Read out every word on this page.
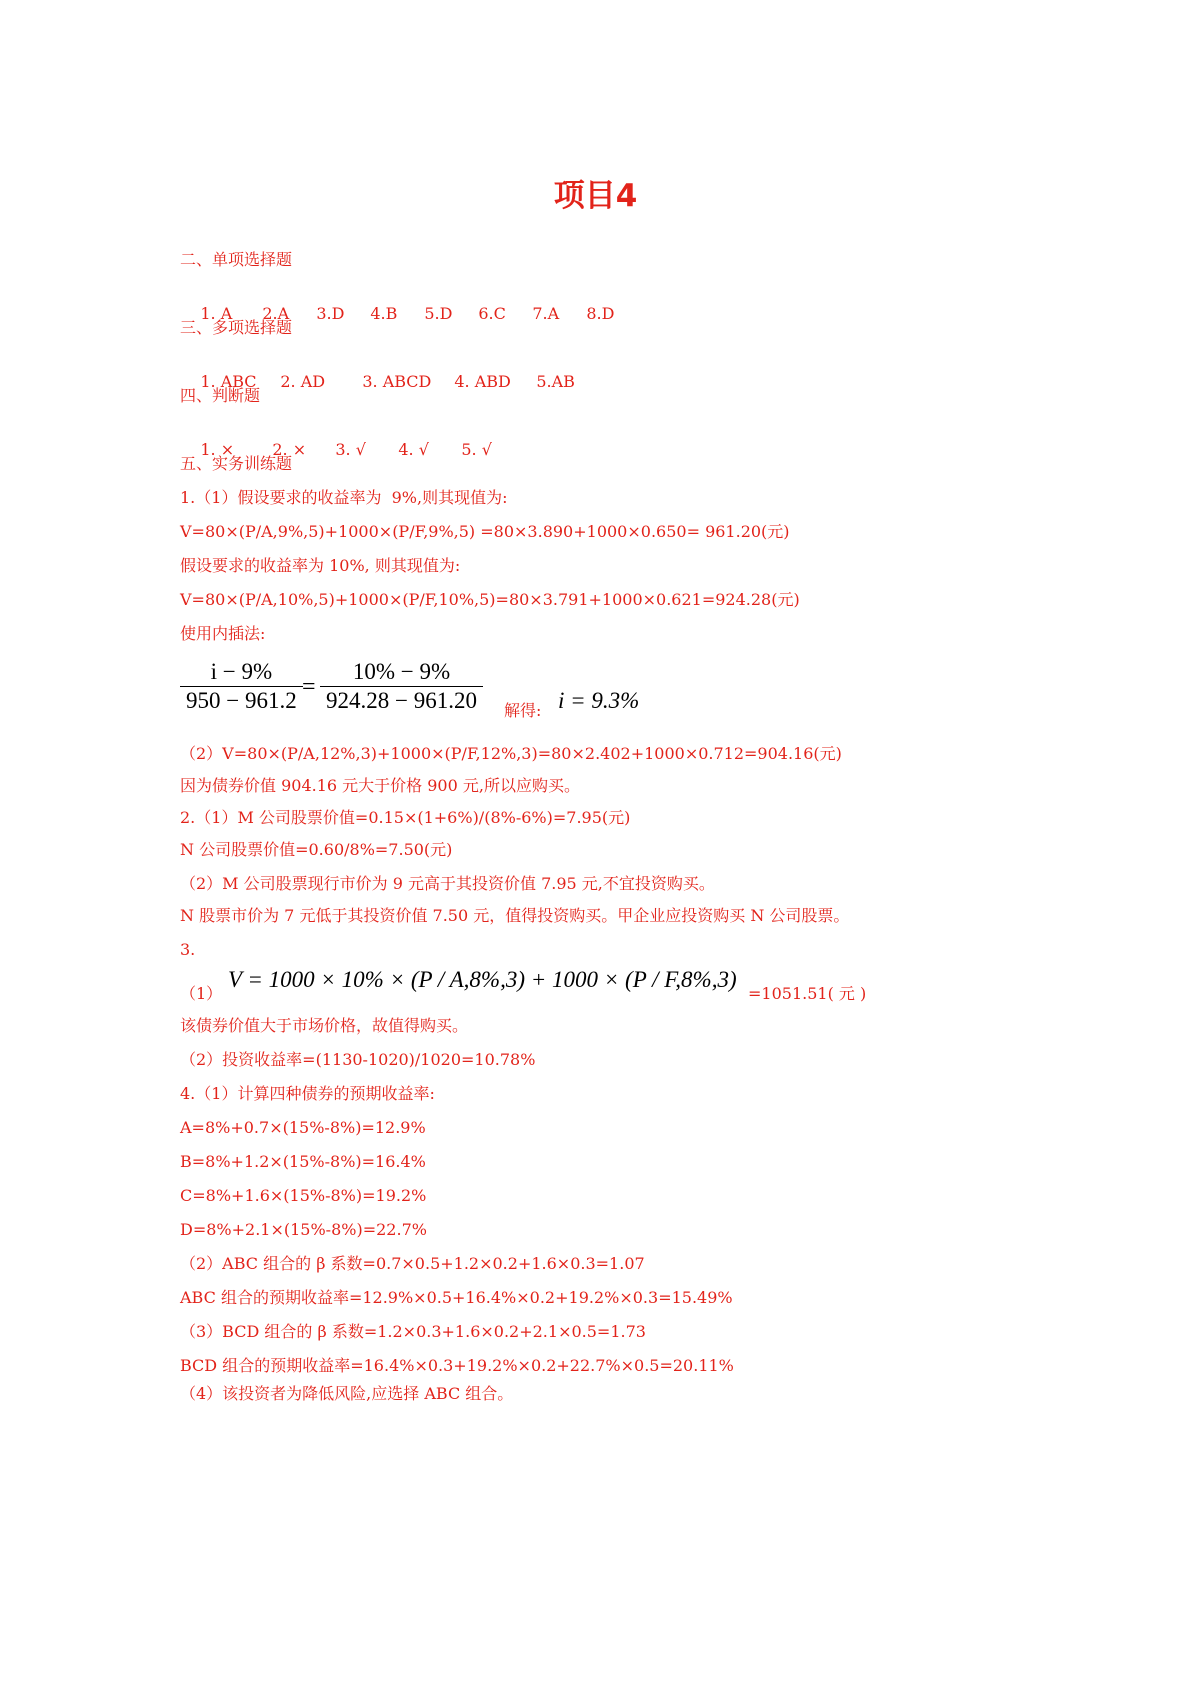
项目4
二、单项选择题

1. A 2.A 3.D 4.B 5.D 6.C 7.A 8.D

三、多项选择题

1. ABC 2. AD 3. ABCD 4. ABD 5.AB

四、判断题

1. × 2. × 3. √ 4. √ 5. √

五、实务训练题
1.（1）假设要求的收益率为  9%,则其现值为:
V=80×(P/A,9%,5)+1000×(P/F,9%,5) =80×3.890+1000×0.650= 961.20(元)
假设要求的收益率为 10%, 则其现值为:
V=80×(P/A,10%,5)+1000×(P/F,10%,5)=80×3.791+1000×0.621=924.28(元)
使用内插法:
$\frac{i - 9\%}{950 - 961.2} = \frac{10\% - 9\%}{924.28 - 961.20}$ 解得: i = 9.3%
（2）V=80×(P/A,12%,3)+1000×(P/F,12%,3)=80×2.402+1000×0.712=904.16(元)
因为债券价值 904.16 元大于价格 900 元,所以应购买。
2.（1）M 公司股票价值=0.15×(1+6%)/(8%-6%)=7.95(元)
N 公司股票价值=0.60/8%=7.50(元)
（2）M 公司股票现行市价为 9 元高于其投资价值 7.95 元,不宜投资购买。
N 股票市价为 7 元低于其投资价值 7.50 元，值得投资购买。甲企业应投资购买 N 公司股票。
3.

（1）

V = 1000 × 10% × (P / A,8%,3) + 1000 × (P / F,8%,3)

=1051.51( 元 )

该债券价值大于市场价格，故值得购买。
（2）投资收益率=(1130-1020)/1020=10.78%
4.（1）计算四种债券的预期收益率:
A=8%+0.7×(15%-8%)=12.9%
B=8%+1.2×(15%-8%)=16.4%
C=8%+1.6×(15%-8%)=19.2%
D=8%+2.1×(15%-8%)=22.7%
（2）ABC 组合的 β 系数=0.7×0.5+1.2×0.2+1.6×0.3=1.07
ABC 组合的预期收益率=12.9%×0.5+16.4%×0.2+19.2%×0.3=15.49%
（3）BCD 组合的 β 系数=1.2×0.3+1.6×0.2+2.1×0.5=1.73
BCD 组合的预期收益率=16.4%×0.3+19.2%×0.2+22.7%×0.5=20.11%
（4）该投资者为降低风险,应选择 ABC 组合。
